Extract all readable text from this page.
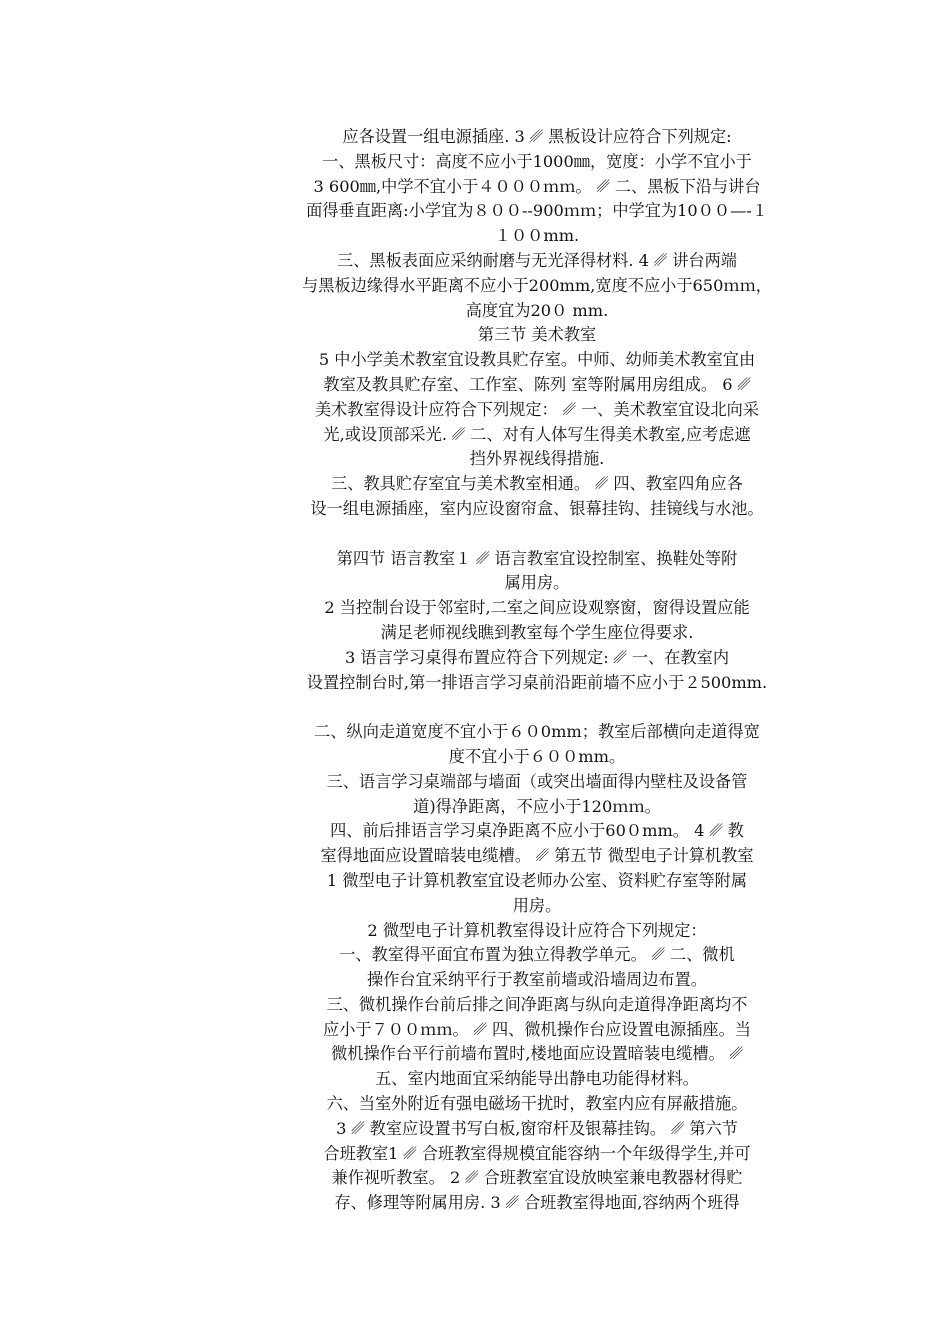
应各设置一组电源插座. 3 ␥ 黑板设计应符合下列规定:
一、黑板尺寸：高度不应小于1000㎜，宽度：小学不宜小于
3 600㎜,中学不宜小于４０００ｍｍ。 ␥ 二、黑板下沿与讲台
面得垂直距离:小学宜为８００--900ｍｍ；中学宜为10００—-１
１００mm.
三、黑板表面应采纳耐磨与无光泽得材料. 4 ␥ 讲台两端
与黑板边缘得水平距离不应小于200mm,宽度不应小于650ｍｍ，
高度宜为20０ mm.
第三节 美术教室
5 中小学美术教室宜设教具贮存室。中师、幼师美术教室宜由
教室及教具贮存室、工作室、陈列 室等附属用房组成。 6 ␥
美术教室得设计应符合下列规定： ␥ 一、美术教室宜设北向采
光,或设顶部采光. ␥ 二、对有人体写生得美术教室,应考虑遮
挡外界视线得措施.
三、教具贮存室宜与美术教室相通。 ␥ 四、教室四角应各
设一组电源插座，室内应设窗帘盒、银幕挂钩、挂镜线与水池。
第四节 语言教室１ ␥ 语言教室宜设控制室、换鞋处等附
属用房。
2 当控制台设于邻室时,二室之间应设观察窗，窗得设置应能
满足老师视线瞧到教室每个学生座位得要求.
3 语言学习桌得布置应符合下列规定: ␥ 一、在教室内
设置控制台时,第一排语言学习桌前沿距前墙不应小于２500mm.
二、纵向走道宽度不宜小于６０0mm；教室后部横向走道得宽
度不宜小于６００mm。
三、语言学习桌端部与墙面（或突出墙面得内壁柱及设备管
道)得净距离，不应小于120ｍｍ。
四、前后排语言学习桌净距离不应小于60０mm。 4 ␥ 教
室得地面应设置暗装电缆槽。 ␥ 第五节 微型电子计算机教室
1 微型电子计算机教室宜设老师办公室、资料贮存室等附属
用房。
2 微型电子计算机教室得设计应符合下列规定：
一、教室得平面宜布置为独立得教学单元。 ␥ 二、微机
操作台宜采纳平行于教室前墙或沿墙周边布置。
三、微机操作台前后排之间净距离与纵向走道得净距离均不
应小于７００ｍｍ。 ␥ 四、微机操作台应设置电源插座。当
微机操作台平行前墙布置时,楼地面应设置暗装电缆槽。 ␥
五、室内地面宜采纳能导出静电功能得材料。
六、当室外附近有强电磁场干扰时，教室内应有屏蔽措施。
3 ␥ 教室应设置书写白板,窗帘杆及银幕挂钩。 ␥ 第六节
合班教室1 ␥ 合班教室得规模宜能容纳一个年级得学生,并可
兼作视听教室。 2 ␥ 合班教室宜设放映室兼电教器材得贮
存、修理等附属用房. 3 ␥ 合班教室得地面,容纳两个班得
